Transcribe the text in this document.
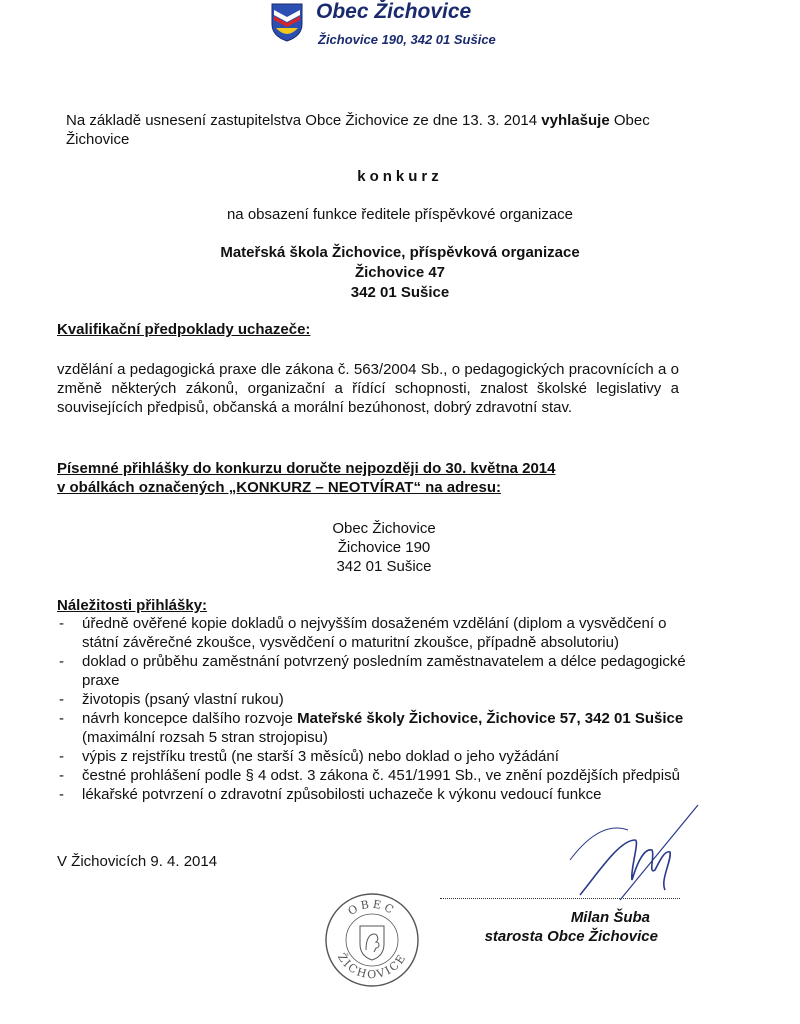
Obec Žichovice
Žichovice 190, 342 01 Sušice
Na základě usnesení zastupitelstva Obce Žichovice ze dne 13. 3. 2014 vyhlašuje Obec Žichovice
konkurz
na obsazení funkce ředitele příspěvkové organizace
Mateřská škola Žichovice, příspěvková organizace
Žichovice 47
342 01 Sušice
Kvalifikační předpoklady uchazeče:
vzdělání a pedagogická praxe dle zákona č. 563/2004 Sb., o pedagogických pracovnících a o změně některých zákonů, organizační a řídící schopnosti, znalost školské legislativy a souvisejících předpisů, občanská a morální bezúhonost, dobrý zdravotní stav.
Písemné přihlášky do konkurzu doručte nejpozději do 30. května 2014
v obálkách označených „KONKURZ – NEOTVÍRAT“ na adresu:
Obec Žichovice
Žichovice 190
342 01 Sušice
Náležitosti přihlášky:
- úředně ověřené kopie dokladů o nejvyšším dosaženém vzdělání (diplom a vysvědčení o státní závěrečné zkoušce, vysvědčení o maturitní zkoušce, případně absolutoriu)
- doklad o průběhu zaměstnání potvrzený posledním zaměstnavatelem a délce pedagogické praxe
- životopis (psaný vlastní rukou)
- návrh koncepce dalšího rozvoje Mateřské školy Žichovice, Žichovice 57, 342 01 Sušice (maximální rozsah 5 stran strojopisu)
- výpis z rejstříku trestů (ne starší 3 měsíců) nebo doklad o jeho vyžádání
- čestné prohlášení podle § 4 odst. 3 zákona č. 451/1991 Sb., ve znění pozdějších předpisů
- lékařské potvrzení o zdravotní způsobilosti uchazeče k výkonu vedoucí funkce
V Žichovicích 9. 4. 2014
Milan Šuba
starosta Obce Žichovice
OBEC
ŽICHOVICE
